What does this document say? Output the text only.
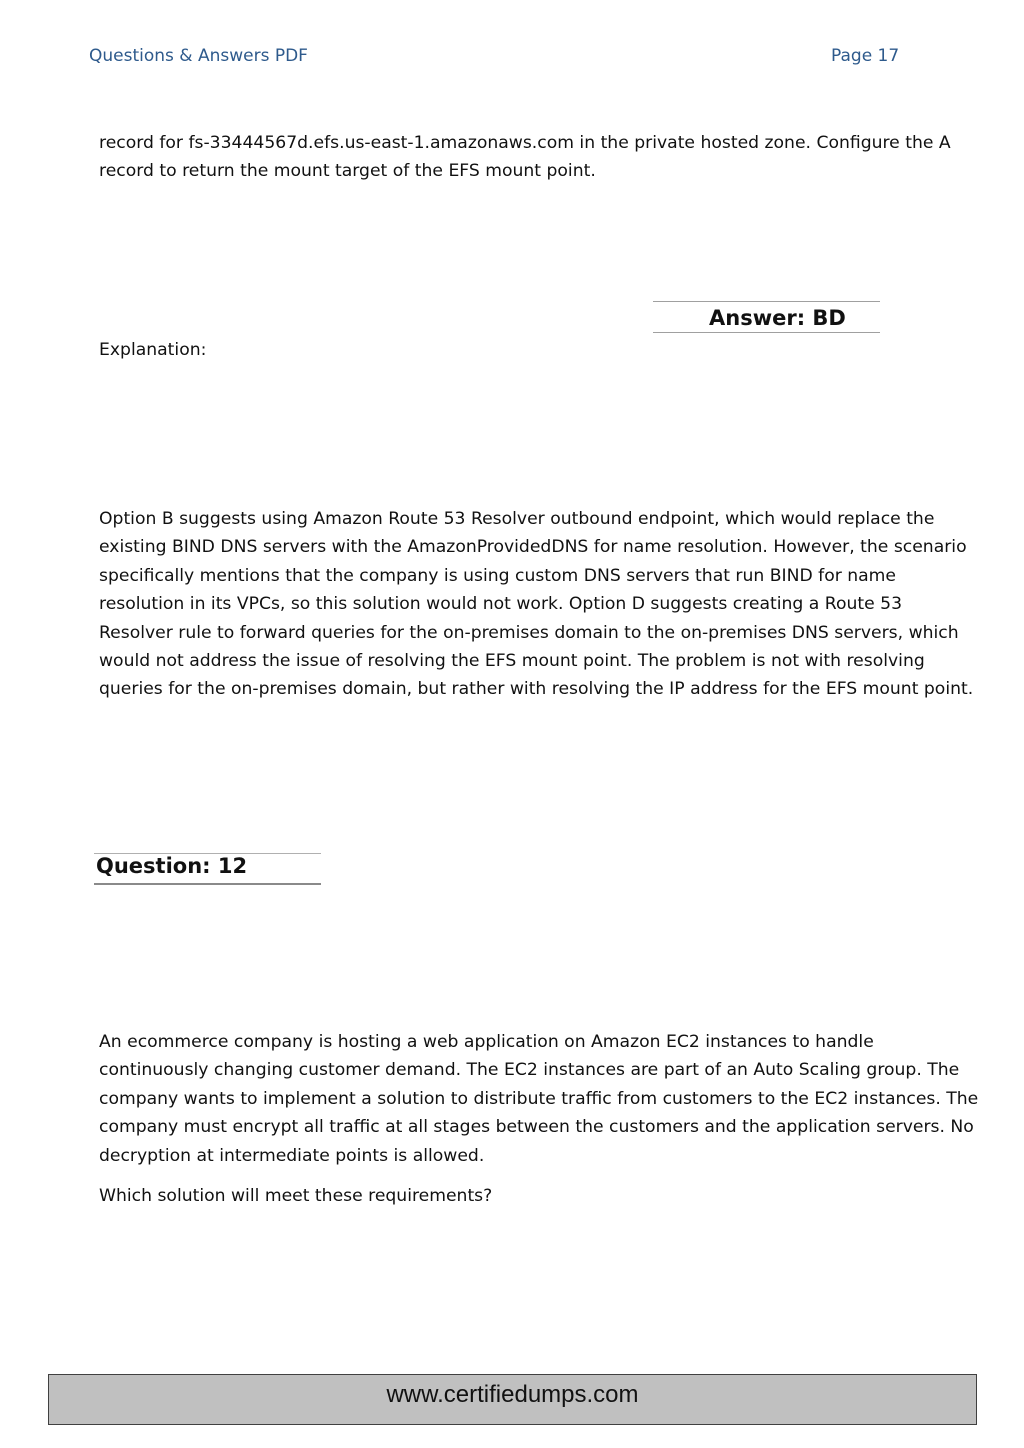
Questions & Answers PDF	Page 17
record for fs-33444567d.efs.us-east-1.amazonaws.com in the private hosted zone. Configure the A record to return the mount target of the EFS mount point.
Answer: BD
Explanation:
Option B suggests using Amazon Route 53 Resolver outbound endpoint, which would replace the existing BIND DNS servers with the AmazonProvidedDNS for name resolution. However, the scenario specifically mentions that the company is using custom DNS servers that run BIND for name resolution in its VPCs, so this solution would not work. Option D suggests creating a Route 53 Resolver rule to forward queries for the on-premises domain to the on-premises DNS servers, which would not address the issue of resolving the EFS mount point. The problem is not with resolving queries for the on-premises domain, but rather with resolving the IP address for the EFS mount point.
Question: 12
An ecommerce company is hosting a web application on Amazon EC2 instances to handle continuously changing customer demand. The EC2 instances are part of an Auto Scaling group. The company wants to implement a solution to distribute traffic from customers to the EC2 instances. The company must encrypt all traffic at all stages between the customers and the application servers. No decryption at intermediate points is allowed.
Which solution will meet these requirements?
www.certifiedumps.com
